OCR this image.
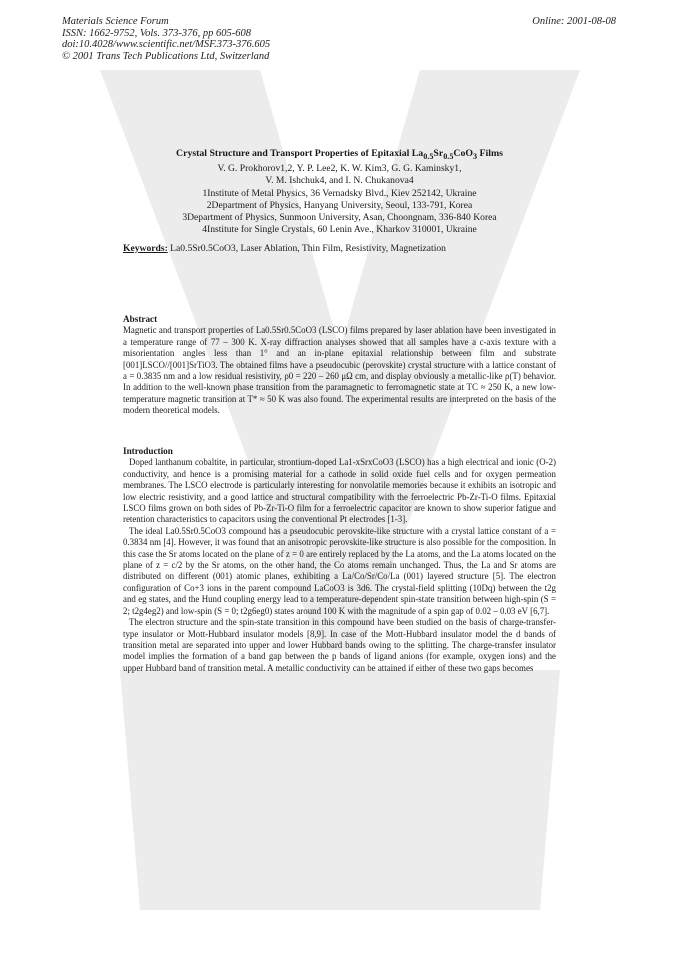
Materials Science Forum
ISSN: 1662-9752, Vols. 373-376, pp 605-608
doi:10.4028/www.scientific.net/MSF.373-376.605
© 2001 Trans Tech Publications Ltd, Switzerland
Online: 2001-08-08
Crystal Structure and Transport Properties of Epitaxial $La_{0.5}Sr_{0.5}CoO_3$ Films
V. G. Prokhorov1,2, Y. P. Lee2, K. W. Kim3, G. G. Kaminsky1,
V. M. Ishchuk4, and I. N. Chukanova4
1Institute of Metal Physics, 36 Vernadsky Blvd., Kiev 252142, Ukraine
2Department of Physics, Hanyang University, Seoul, 133-791, Korea
3Department of Physics, Sunmoon University, Asan, Choongnam, 336-840 Korea
4Institute for Single Crystals, 60 Lenin Ave., Kharkov 310001, Ukraine
Keywords: La0.5Sr0.5CoO3, Laser Ablation, Thin Film, Resistivity, Magnetization
Abstract
Magnetic and transport properties of La0.5Sr0.5CoO3 (LSCO) films prepared by laser ablation have been investigated in a temperature range of 77 – 300 K. X-ray diffraction analyses showed that all samples have a c-axis texture with a misorientation angles less than 1° and an in-plane epitaxial relationship between film and substrate [001]LSCO//[001]SrTiO3. The obtained films have a pseudocubic (perovskite) crystal structure with a lattice constant of a = 0.3835 nm and a low residual resistivity, ρ0 = 220 – 260 μΩ cm, and display obviously a metallic-like ρ(T) behavior. In addition to the well-known phase transition from the paramagnetic to ferromagnetic state at TC ≈ 250 K, a new low-temperature magnetic transition at T* ≈ 50 K was also found. The experimental results are interpreted on the basis of the modern theoretical models.
Introduction
Doped lanthanum cobaltite, in particular, strontium-doped La1-xSrxCoO3 (LSCO) has a high electrical and ionic (O-2) conductivity, and hence is a promising material for a cathode in solid oxide fuel cells and for oxygen permeation membranes. The LSCO electrode is particularly interesting for nonvolatile memories because it exhibits an isotropic and low electric resistivity, and a good lattice and structural compatibility with the ferroelectric Pb-Zr-Ti-O films. Epitaxial LSCO films grown on both sides of Pb-Zr-Ti-O film for a ferroelectric capacitor are known to show superior fatigue and retention characteristics to capacitors using the conventional Pt electrodes [1-3].
The ideal La0.5Sr0.5CoO3 compound has a pseudocubic perovskite-like structure with a crystal lattice constant of a = 0.3834 nm [4]. However, it was found that an anisotropic perovskite-like structure is also possible for the composition. In this case the Sr atoms located on the plane of z = 0 are entirely replaced by the La atoms, and the La atoms located on the plane of z = c/2 by the Sr atoms, on the other hand, the Co atoms remain unchanged. Thus, the La and Sr atoms are distributed on different (001) atomic planes, exhibiting a La/Co/Sr/Co/La (001) layered structure [5]. The electron configuration of Co+3 ions in the parent compound LaCoO3 is 3d6. The crystal-field splitting (10Dq) between the t2g and eg states, and the Hund coupling energy lead to a temperature-dependent spin-state transition between high-spin (S = 2; t2g4eg2) and low-spin (S = 0; t2g6eg0) states around 100 K with the magnitude of a spin gap of 0.02 – 0.03 eV [6,7].
The electron structure and the spin-state transition in this compound have been studied on the basis of charge-transfer-type insulator or Mott-Hubbard insulator models [8,9]. In case of the Mott-Hubbard insulator model the d bands of transition metal are separated into upper and lower Hubbard bands owing to the splitting. The charge-transfer insulator model implies the formation of a band gap between the p bands of ligand anions (for example, oxygen ions) and the upper Hubbard band of transition metal. A metallic conductivity can be attained if either of these two gaps becomes
